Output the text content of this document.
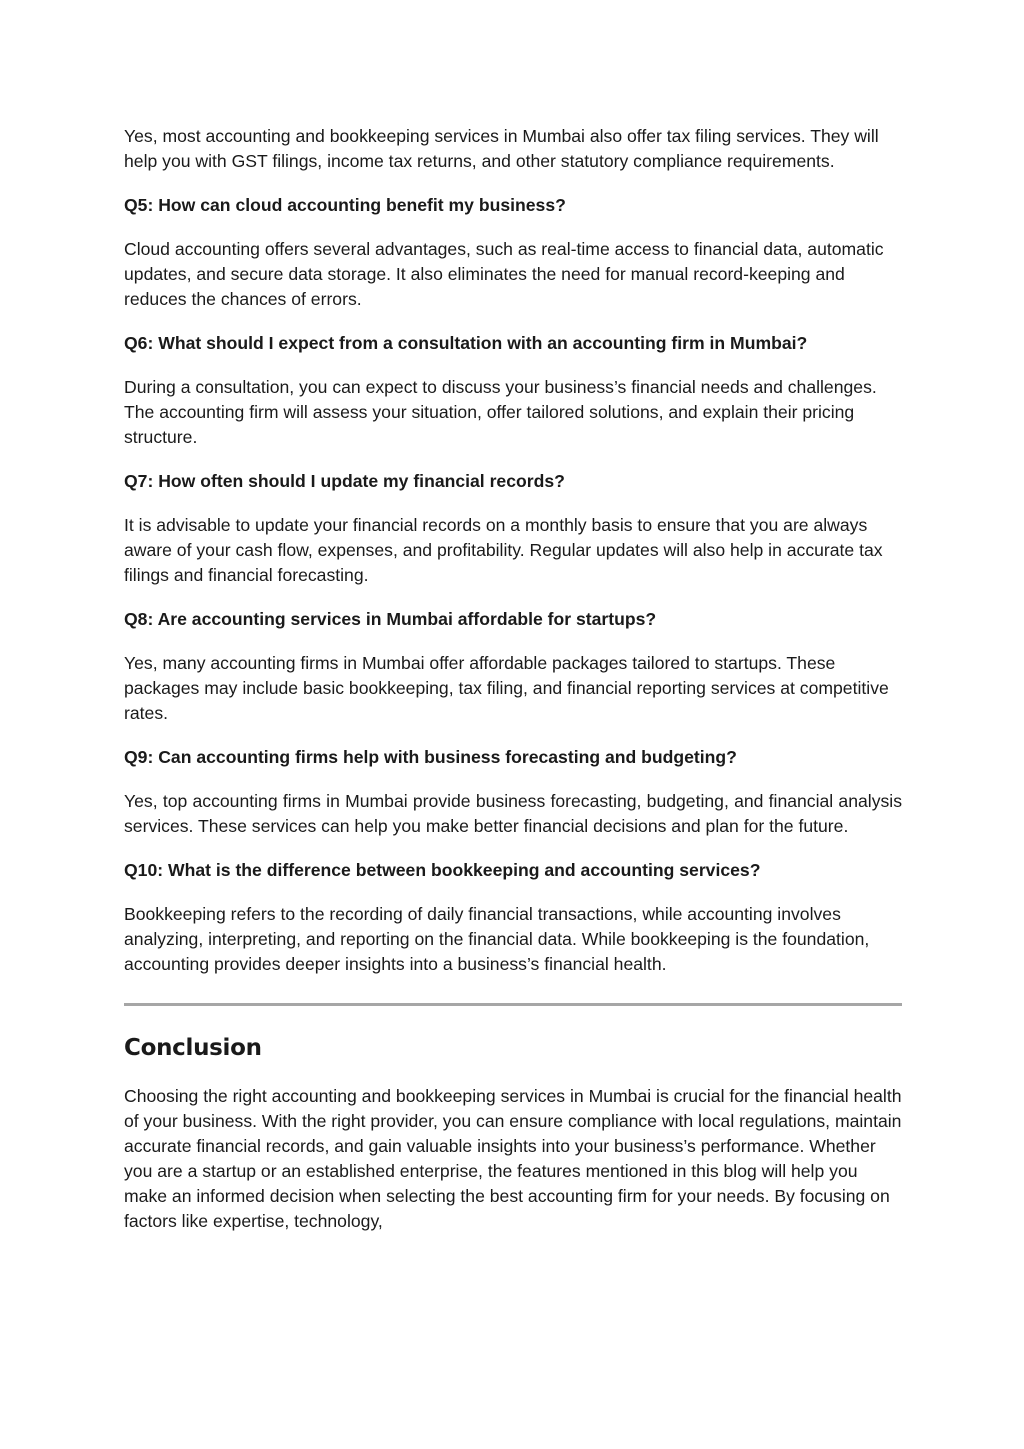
Yes, most accounting and bookkeeping services in Mumbai also offer tax filing services. They will help you with GST filings, income tax returns, and other statutory compliance requirements.

Q5: How can cloud accounting benefit my business?

Cloud accounting offers several advantages, such as real-time access to financial data, automatic updates, and secure data storage. It also eliminates the need for manual record-keeping and reduces the chances of errors.

Q6: What should I expect from a consultation with an accounting firm in Mumbai?

During a consultation, you can expect to discuss your business’s financial needs and challenges. The accounting firm will assess your situation, offer tailored solutions, and explain their pricing structure.

Q7: How often should I update my financial records?

It is advisable to update your financial records on a monthly basis to ensure that you are always aware of your cash flow, expenses, and profitability. Regular updates will also help in accurate tax filings and financial forecasting.

Q8: Are accounting services in Mumbai affordable for startups?

Yes, many accounting firms in Mumbai offer affordable packages tailored to startups. These packages may include basic bookkeeping, tax filing, and financial reporting services at competitive rates.

Q9: Can accounting firms help with business forecasting and budgeting?

Yes, top accounting firms in Mumbai provide business forecasting, budgeting, and financial analysis services. These services can help you make better financial decisions and plan for the future.

Q10: What is the difference between bookkeeping and accounting services?

Bookkeeping refers to the recording of daily financial transactions, while accounting involves analyzing, interpreting, and reporting on the financial data. While bookkeeping is the foundation, accounting provides deeper insights into a business’s financial health.

Conclusion

Choosing the right accounting and bookkeeping services in Mumbai is crucial for the financial health of your business. With the right provider, you can ensure compliance with local regulations, maintain accurate financial records, and gain valuable insights into your business’s performance. Whether you are a startup or an established enterprise, the features mentioned in this blog will help you make an informed decision when selecting the best accounting firm for your needs. By focusing on factors like expertise, technology,
